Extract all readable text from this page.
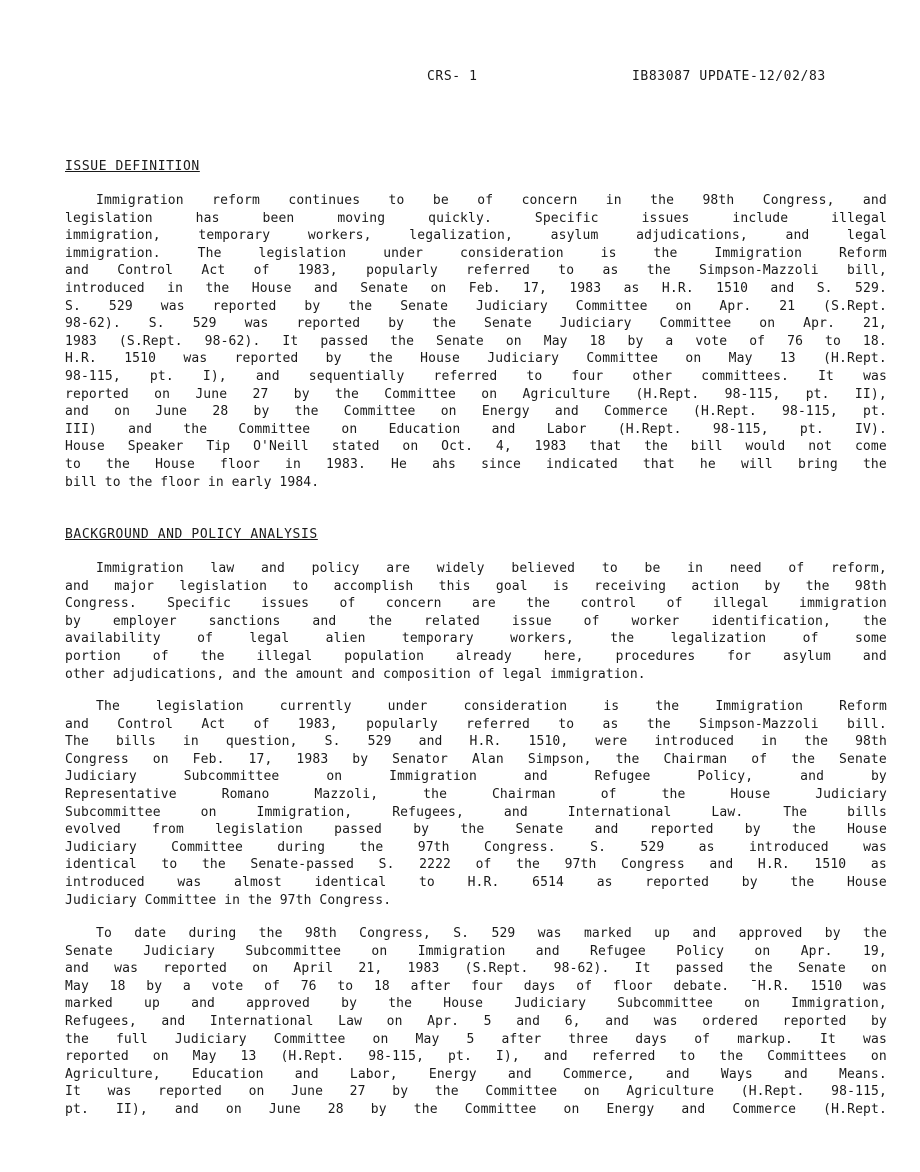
CRS- 1	IB83087 UPDATE-12/02/83
ISSUE DEFINITION
Immigration reform continues to be of concern in the 98th Congress, and
legislation	has	been	moving	quickly.	Specific	issues	include	illegal
immigration,	temporary	workers,	legalization,	asylum	adjudications,	and	legal
immigration.	The	legislation	under	consideration	is	the	Immigration	Reform
and Control Act of 1983, popularly referred to as the Simpson-Mazzoli bill,
introduced in the House and Senate on Feb. 17, 1983 as H.R. 1510 and S. 529.
S. 529 was reported by the Senate Judiciary Committee on Apr. 21 (S.Rept.
98-62). S. 529 was reported by the Senate Judiciary Committee on Apr. 21,
1983 (S.Rept. 98-62). It passed the Senate on May 18 by a vote of 76 to 18.
H.R. 1510 was reported by the House Judiciary Committee on May 13 (H.Rept.
98-115, pt. I), and sequentially referred to four other committees. It was
reported on June 27 by the Committee on Agriculture (H.Rept. 98-115, pt. II),
and on June 28 by the Committee on Energy and Commerce (H.Rept. 98-115, pt.
III) and the Committee on Education and Labor (H.Rept. 98-115, pt. IV).
House Speaker Tip O'Neill stated on Oct. 4, 1983 that the bill would not come
to the House floor in 1983. He ahs since indicated that he will bring the
bill to the floor in early 1984.
BACKGROUND AND POLICY ANALYSIS
Immigration law and policy are widely believed to be in need of reform,
and major legislation to accomplish this goal is receiving action by the 98th
Congress. Specific issues of concern are the control of illegal immigration
by employer sanctions and the related issue of worker identification, the
availability	of	legal	alien	temporary	workers,	the	legalization	of	some
portion of the illegal population already here, procedures for asylum and
other adjudications, and the amount and composition of legal immigration.
The	legislation	currently	under	consideration	is	the	Immigration	Reform
and Control Act of 1983, popularly referred to as the Simpson-Mazzoli bill.
The bills in question, S. 529 and H.R. 1510, were introduced in the 98th
Congress on Feb. 17, 1983 by Senator Alan Simpson, the Chairman of the Senate
Judiciary	Subcommittee	on	Immigration	and	Refugee	Policy,	and	by
Representative	Romano	Mazzoli,	the	Chairman	of	the	House	Judiciary
Subcommittee	on	Immigration,	Refugees,	and	International	Law.	The	bills
evolved from legislation passed by the Senate and reported by the House
Judiciary	Committee	during	the	97th	Congress.	S.	529	as	introduced	was
identical to the Senate-passed S. 2222 of the 97th Congress and H.R. 1510 as
introduced	was	almost	identical	to	H.R.	6514	as	reported	by	the	House
Judiciary Committee in the 97th Congress.
To date during the 98th Congress, S. 529 was marked up and approved by the
Senate Judiciary Subcommittee on Immigration and Refugee Policy on Apr. 19,
and was reported on April 21, 1983 (S.Rept. 98-62). It passed the Senate on
May 18 by a vote of 76 to 18 after four days of floor debate. ¯H.R. 1510 was
marked up and approved by the House Judiciary Subcommittee on Immigration,
Refugees, and International Law on Apr. 5 and 6, and was ordered reported by
the full Judiciary Committee on May 5 after three days of markup. It was
reported on May 13 (H.Rept. 98-115, pt. I), and referred to the Committees on
Agriculture, Education and Labor, Energy and Commerce, and Ways and Means.
It was reported on June 27 by the Committee on Agriculture (H.Rept. 98-115,
pt. II), and on June 28 by the Committee on Energy and Commerce (H.Rept.
